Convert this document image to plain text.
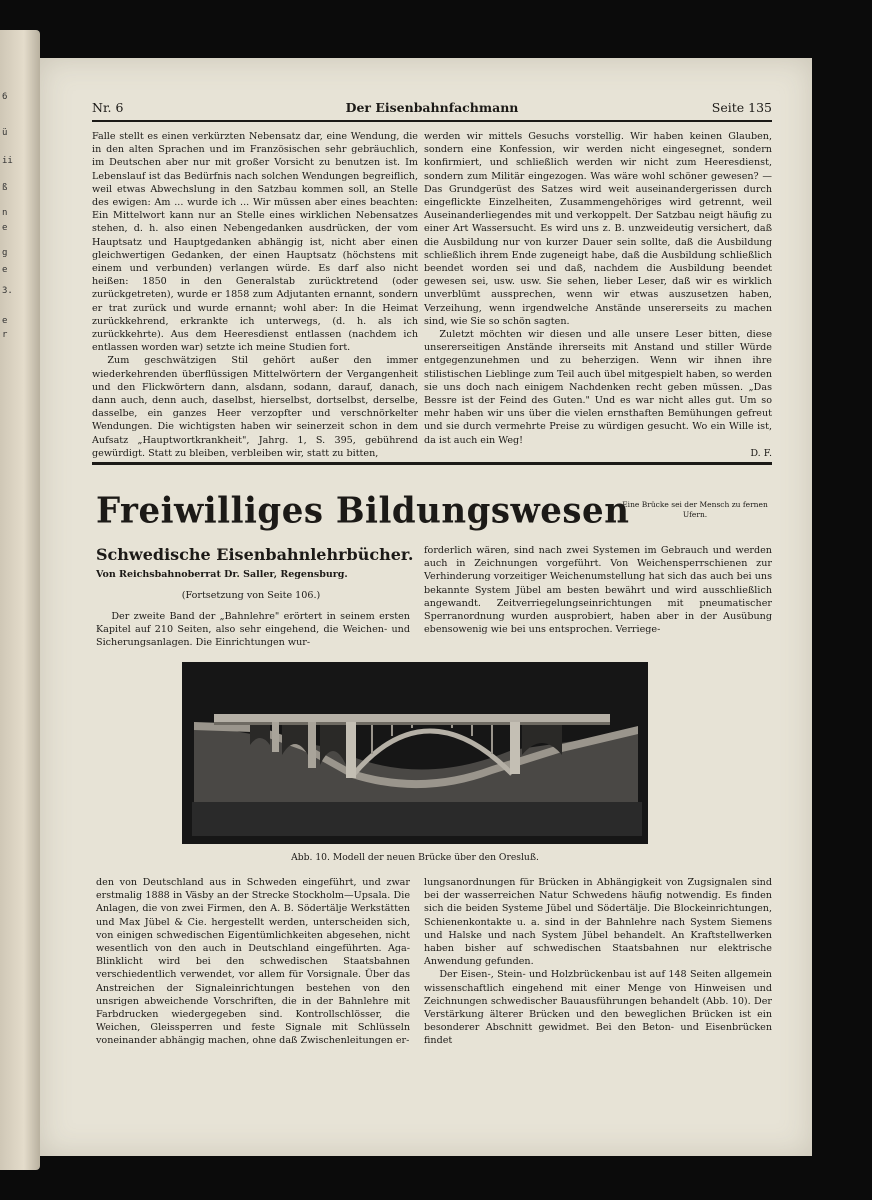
6
ü
ii
ß
n
e
g
e
3.
e
r
Nr. 6	Der Eisenbahnfachmann	Seite 135

Falle stellt es einen verkürzten Nebensatz dar, eine Wendung, die in den alten Sprachen und im Französischen sehr gebräuchlich, im Deutschen aber nur mit großer Vorsicht zu benutzen ist. Im Lebenslauf ist das Bedürfnis nach solchen Wendungen begreiflich, weil etwas Abwechslung in den Satzbau kommen soll, an Stelle des ewigen: Am ... wurde ich ... Wir müssen aber eines beachten: Ein Mittelwort kann nur an Stelle eines wirklichen Nebensatzes stehen, d. h. also einen Nebengedanken ausdrücken, der vom Hauptsatz und Hauptgedanken abhängig ist, nicht aber einen gleichwertigen Gedanken, der einen Hauptsatz (höchstens mit einem und verbunden) verlangen würde. Es darf also nicht heißen: 1850 in den Generalstab zurücktretend (oder zurückgetreten), wurde er 1858 zum Adjutanten ernannt, sondern er trat zurück und wurde ernannt; wohl aber: In die Heimat zurückkehrend, erkrankte ich unterwegs, (d. h. als ich zurückkehrte). Aus dem Heeresdienst entlassen (nachdem ich entlassen worden war) setzte ich meine Studien fort.

Zum geschwätzigen Stil gehört außer den immer wiederkehrenden überflüssigen Mittelwörtern der Vergangenheit und den Flickwörtern dann, alsdann, sodann, darauf, danach, dann auch, denn auch, daselbst, hierselbst, dortselbst, derselbe, dasselbe, ein ganzes Heer verzopfter und verschnörkelter Wendungen. Die wichtigsten haben wir seinerzeit schon in dem Aufsatz „Hauptwortkrankheit", Jahrg. 1, S. 395, gebührend gewürdigt. Statt zu bleiben, verbleiben wir, statt zu bitten,

werden wir mittels Gesuchs vorstellig. Wir haben keinen Glauben, sondern eine Konfession, wir werden nicht eingesegnet, sondern konfirmiert, und schließlich werden wir nicht zum Heeresdienst, sondern zum Militär eingezogen. Was wäre wohl schöner gewesen? — Das Grundgerüst des Satzes wird weit auseinandergerissen durch eingeflickte Einzelheiten, Zusammengehöriges wird getrennt, weil Auseinanderliegendes mit und verkoppelt. Der Satzbau neigt häufig zu einer Art Wassersucht. Es wird uns z. B. unzweideutig versichert, daß die Ausbildung nur von kurzer Dauer sein sollte, daß die Ausbildung schließlich ihrem Ende zugeneigt habe, daß die Ausbildung schließlich beendet worden sei und daß, nachdem die Ausbildung beendet gewesen sei, usw. usw. Sie sehen, lieber Leser, daß wir es wirklich unverblümt aussprechen, wenn wir etwas auszusetzen haben, Verzeihung, wenn irgendwelche Anstände unsererseits zu machen sind, wie Sie so schön sagten.

Zuletzt möchten wir diesen und alle unsere Leser bitten, diese unsererseitigen Anstände ihrerseits mit Anstand und stiller Würde entgegenzunehmen und zu beherzigen. Wenn wir ihnen ihre stilistischen Lieblinge zum Teil auch übel mitgespielt haben, so werden sie uns doch nach einigem Nachdenken recht geben müssen. „Das Bessre ist der Feind des Guten." Und es war nicht alles gut. Um so mehr haben wir uns über die vielen ernsthaften Bemühungen gefreut und sie durch vermehrte Preise zu würdigen gesucht. Wo ein Wille ist, da ist auch ein Weg!

D. F.
Freiwilliges Bildungswesen
Eine Brücke sei der Mensch zu fernen Ufern.
Schwedische Eisenbahnlehrbücher.
Von Reichsbahnoberrat Dr. Saller, Regensburg.
(Fortsetzung von Seite 106.)

Der zweite Band der „Bahnlehre" erörtert in seinem ersten Kapitel auf 210 Seiten, also sehr eingehend, die Weichen- und Sicherungsanlagen. Die Einrichtungen wur-

forderlich wären, sind nach zwei Systemen im Gebrauch und werden auch in Zeichnungen vorgeführt. Von Weichensperrschienen zur Verhinderung vorzeitiger Weichenumstellung hat sich das auch bei uns bekannte System Jübel am besten bewährt und wird ausschließlich angewandt. Zeitverriegelungseinrichtungen mit pneumatischer Sperranordnung wurden ausprobiert, haben aber in der Ausübung ebensowenig wie bei uns entsprochen. Verriege-

Abb. 10. Modell der neuen Brücke über den Oresluß.

den von Deutschland aus in Schweden eingeführt, und zwar erstmalig 1888 in Väsby an der Strecke Stockholm—Upsala. Die Anlagen, die von zwei Firmen, den A. B. Södertälje Werkstätten und Max Jübel & Cie. hergestellt werden, unterscheiden sich, von einigen schwedischen Eigentümlichkeiten abgesehen, nicht wesentlich von den auch in Deutschland eingeführten. Aga-Blinklicht wird bei den schwedischen Staatsbahnen verschiedentlich verwendet, vor allem für Vorsignale. Über das Anstreichen der Signaleinrichtungen bestehen von den unsrigen abweichende Vorschriften, die in der Bahnlehre mit Farbdrucken wiedergegeben sind. Kontrollschlösser, die Weichen, Gleissperren und feste Signale mit Schlüsseln voneinander abhängig machen, ohne daß Zwischenleitungen er-

lungsanordnungen für Brücken in Abhängigkeit von Zugsignalen sind bei der wasserreichen Natur Schwedens häufig notwendig. Es finden sich die beiden Systeme Jübel und Södertälje. Die Blockeinrichtungen, Schienenkontakte u. a. sind in der Bahnlehre nach System Siemens und Halske und nach System Jübel behandelt. An Kraftstellwerken haben bisher auf schwedischen Staatsbahnen nur elektrische Anwendung gefunden.

Der Eisen-, Stein- und Holzbrückenbau ist auf 148 Seiten allgemein wissenschaftlich eingehend mit einer Menge von Hinweisen und Zeichnungen schwedischer Bauausführungen behandelt (Abb. 10). Der Verstärkung älterer Brücken und den beweglichen Brücken ist ein besonderer Abschnitt gewidmet. Bei den Beton- und Eisenbrücken findet
